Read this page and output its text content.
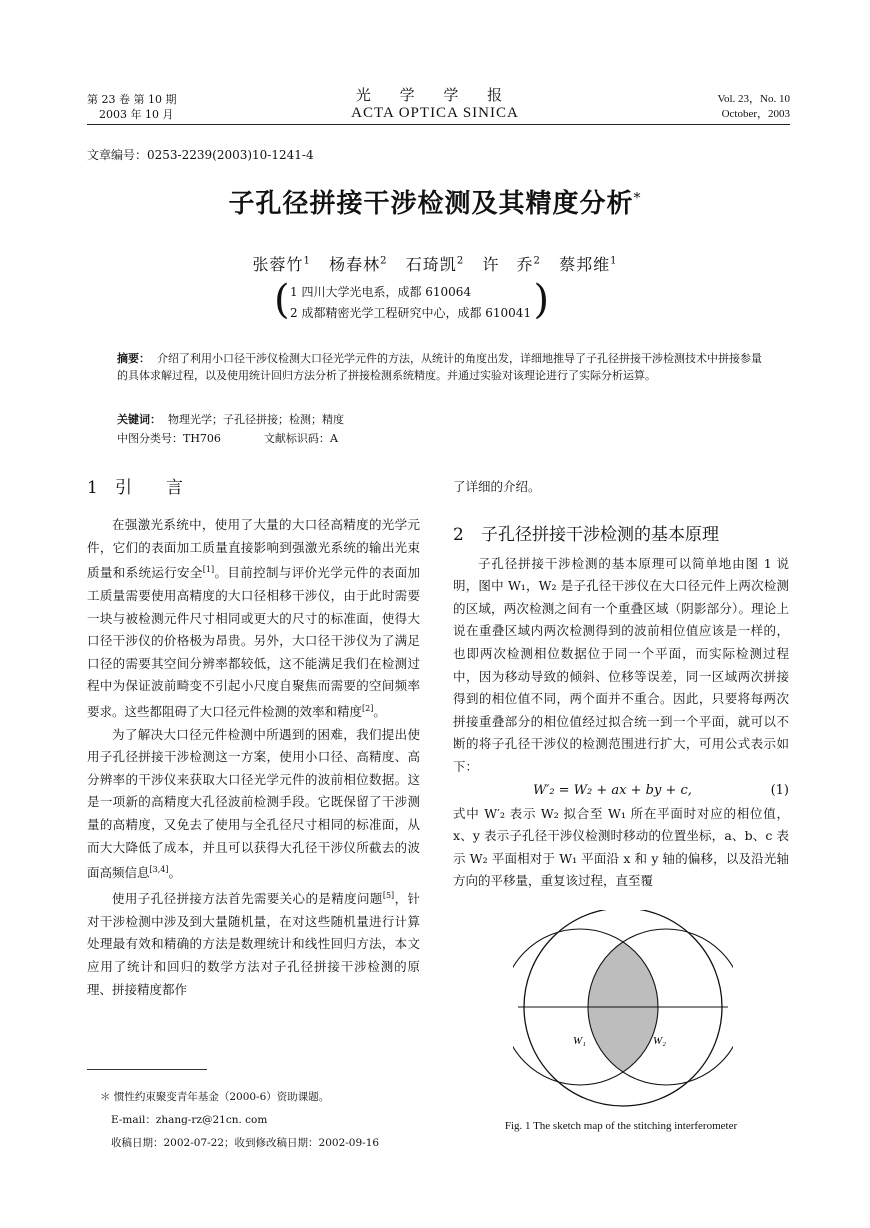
第 23 卷 第 10 期
2003 年 10 月
光 学 学 报
ACTA OPTICA SINICA
Vol. 23，No. 10
October，2003
文章编号：0253-2239(2003)10-1241-4
子孔径拼接干涉检测及其精度分析*
张蓉竹$^1$ 杨春林$^2$ 石琦凯$^2$ 许　乔$^2$ 蔡邦维$^1$
( 1 四川大学光电系，成都 610064
2 成都精密光学工程研究中心，成都 610041 )
摘要： 介绍了利用小口径干涉仪检测大口径光学元件的方法，从统计的角度出发，详细地推导了子孔径拼接干涉检测技术中拼接参量的具体求解过程，以及使用统计回归方法分析了拼接检测系统精度。并通过实验对该理论进行了实际分析运算。
关键词： 物理光学；子孔径拼接；检测；精度
中图分类号：TH706	文献标识码：A
1 引　　言

在强激光系统中，使用了大量的大口径高精度的光学元件，它们的表面加工质量直接影响到强激光系统的输出光束质量和系统运行安全[1]。目前控制与评价光学元件的表面加工质量需要使用高精度的大口径相移干涉仪，由于此时需要一块与被检测元件尺寸相同或更大的尺寸的标准面，使得大口径干涉仪的价格极为昂贵。另外，大口径干涉仪为了满足口径的需要其空间分辨率都较低，这不能满足我们在检测过程中为保证波前畸变不引起小尺度自聚焦而需要的空间频率要求。这些都阻碍了大口径元件检测的效率和精度[2]。

为了解决大口径元件检测中所遇到的困难，我们提出使用子孔径拼接干涉检测这一方案，使用小口径、高精度、高分辨率的干涉仪来获取大口径光学元件的波前相位数据。这是一项新的高精度大孔径波前检测手段。它既保留了干涉测量的高精度，又免去了使用与全孔径尺寸相同的标准面，从而大大降低了成本，并且可以获得大孔径干涉仪所截去的波面高频信息[3,4]。

使用子孔径拼接方法首先需要关心的是精度问题[5]，针对干涉检测中涉及到大量随机量，在对这些随机量进行计算处理最有效和精确的方法是数理统计和线性回归方法，本文应用了统计和回归的数学方法对子孔径拼接干涉检测的原理、拼接精度都作

了详细的介绍。

2 子孔径拼接干涉检测的基本原理

子孔径拼接干涉检测的基本原理可以简单地由图 1 说明，图中 W₁，W₂ 是子孔径干涉仪在大口径元件上两次检测的区域，两次检测之间有一个重叠区域（阴影部分）。理论上说在重叠区域内两次检测得到的波前相位值应该是一样的，也即两次检测相位数据位于同一个平面，而实际检测过程中，因为移动导致的倾斜、位移等误差，同一区域两次拼接得到的相位值不同，两个面并不重合。因此，只要将每两次拼接重叠部分的相位值经过拟合统一到一个平面，就可以不断的将子孔径干涉仪的检测范围进行扩大，可用公式表示如下：

W′₂ = W₂ + ax + by + c,	(1)

式中 W′₂ 表示 W₂ 拟合至 W₁ 所在平面时对应的相位值，x、y 表示子孔径干涉仪检测时移动的位置坐标，a、b、c 表示 W₂ 平面相对于 W₁ 平面沿 x 和 y 轴的偏移，以及沿光轴方向的平移量，重复该过程，直至覆

W₁	W₂
Fig. 1 The sketch map of the stitching interferometer
＊ 惯性约束聚变青年基金（2000-6）资助课题。
E-mail：zhang-rz@21cn. com
收稿日期：2002-07-22；收到修改稿日期：2002-09-16
